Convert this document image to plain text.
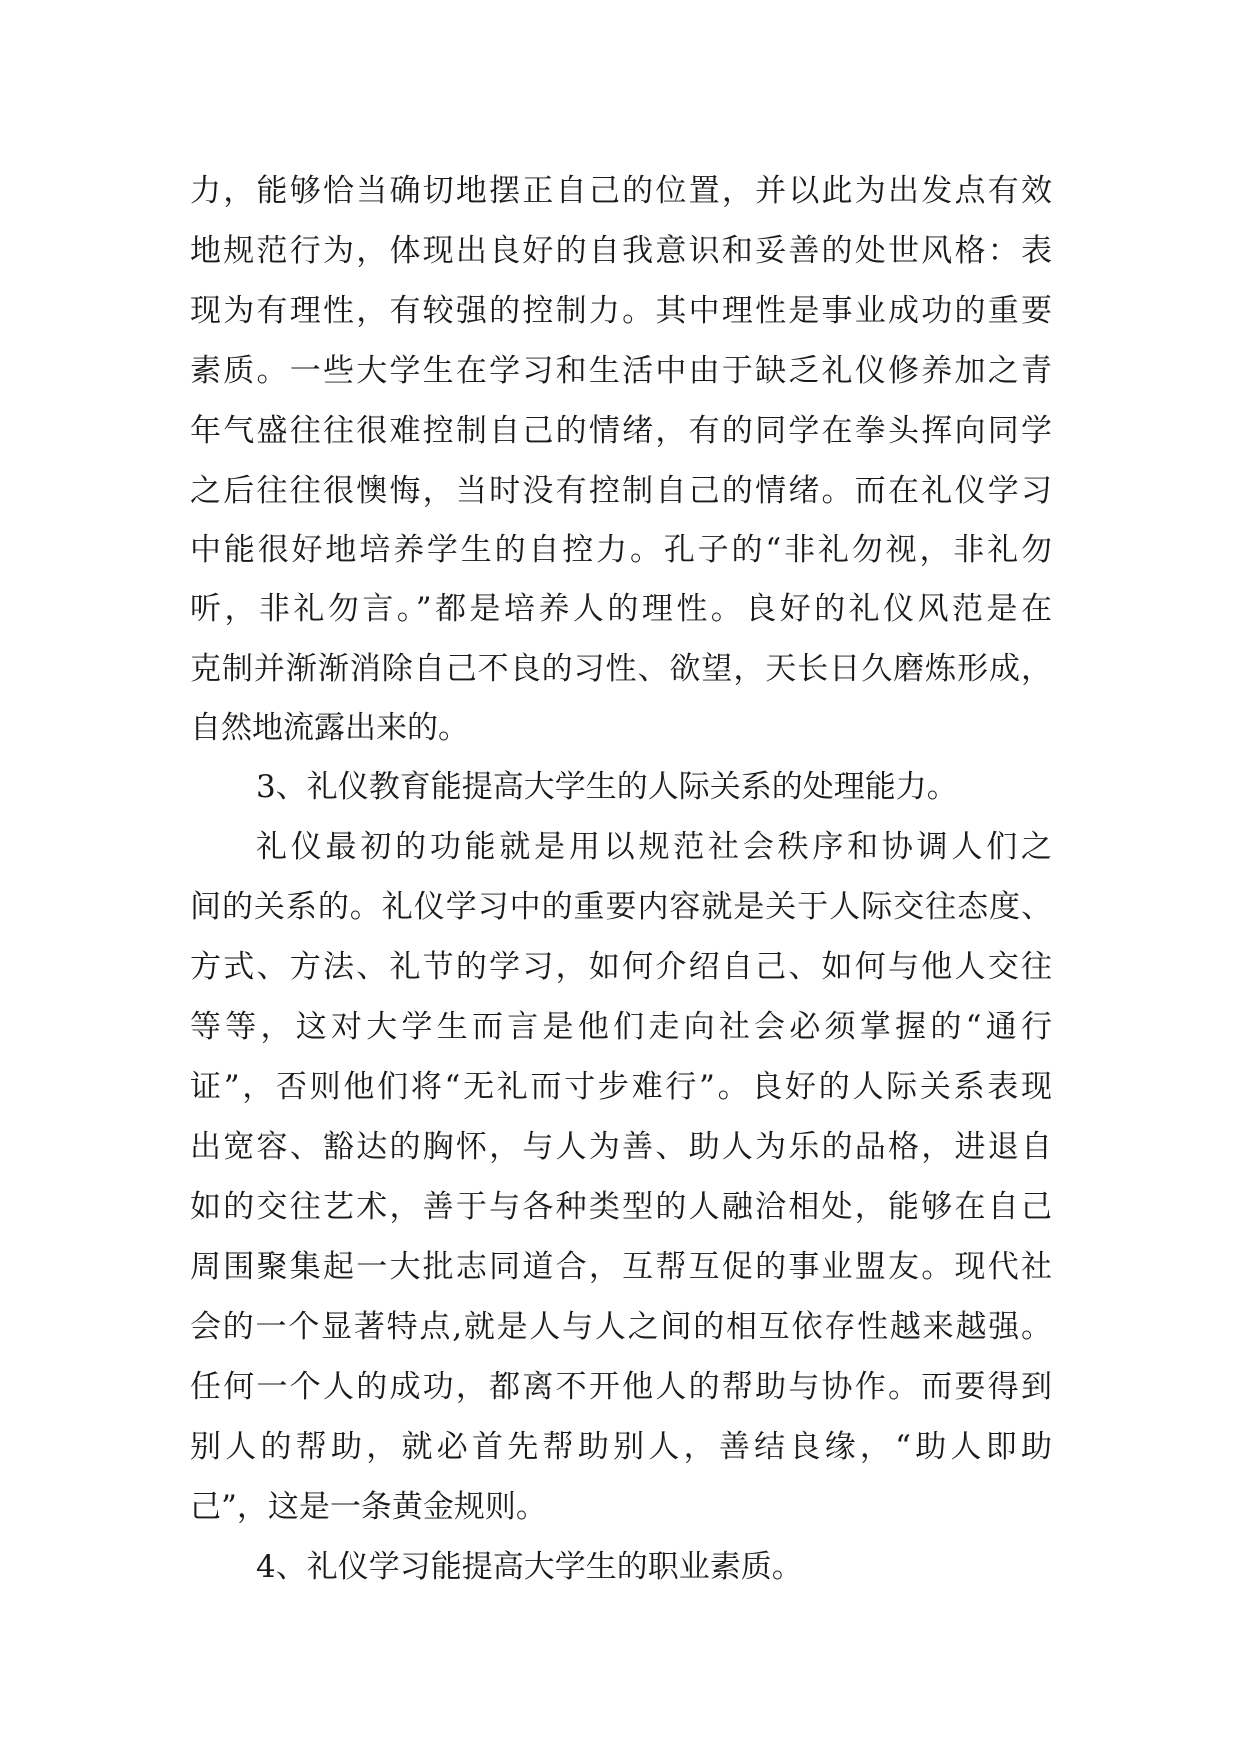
力，能够恰当确切地摆正自己的位置，并以此为出发点有效
地规范行为，体现出良好的自我意识和妥善的处世风格：表
现为有理性，有较强的控制力。其中理性是事业成功的重要
素质。一些大学生在学习和生活中由于缺乏礼仪修养加之青
年气盛往往很难控制自己的情绪，有的同学在拳头挥向同学
之后往往很懊悔，当时没有控制自己的情绪。而在礼仪学习
中能很好地培养学生的自控力。孔子的“非礼勿视，非礼勿
听，非礼勿言。”都是培养人的理性。良好的礼仪风范是在
克制并渐渐消除自己不良的习性、欲望，天长日久磨炼形成，
自然地流露出来的。
3、礼仪教育能提高大学生的人际关系的处理能力。
礼仪最初的功能就是用以规范社会秩序和协调人们之
间的关系的。礼仪学习中的重要内容就是关于人际交往态度、
方式、方法、礼节的学习，如何介绍自己、如何与他人交往
等等，这对大学生而言是他们走向社会必须掌握的“通行
证”，否则他们将“无礼而寸步难行”。良好的人际关系表现
出宽容、豁达的胸怀，与人为善、助人为乐的品格，进退自
如的交往艺术，善于与各种类型的人融洽相处，能够在自己
周围聚集起一大批志同道合，互帮互促的事业盟友。现代社
会的一个显著特点,就是人与人之间的相互依存性越来越强。
任何一个人的成功，都离不开他人的帮助与协作。而要得到
别人的帮助，就必首先帮助别人，善结良缘，“助人即助
己”，这是一条黄金规则。
4、礼仪学习能提高大学生的职业素质。
